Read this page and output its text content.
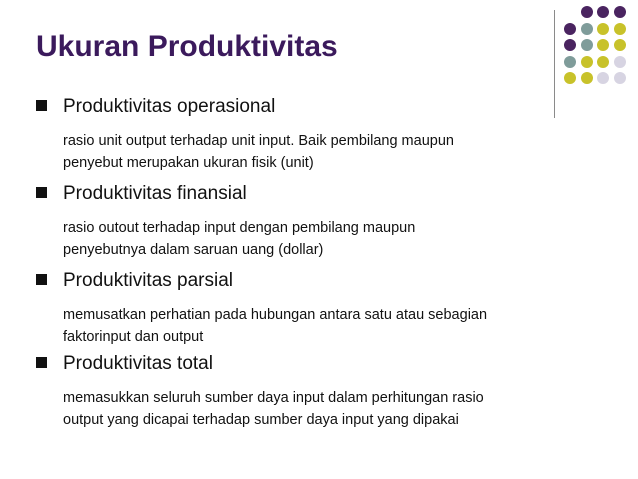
Ukuran Produktivitas
Produktivitas operasional

rasio unit output terhadap unit input. Baik pembilang maupun
penyebut merupakan ukuran fisik (unit)

Produktivitas finansial

rasio outout terhadap input dengan pembilang maupun
penyebutnya dalam saruan uang (dollar)

Produktivitas parsial

memusatkan perhatian pada hubungan antara satu atau sebagian
faktorinput dan output

Produktivitas total

memasukkan seluruh sumber daya input dalam perhitungan rasio
output yang dicapai terhadap sumber daya input yang dipakai
